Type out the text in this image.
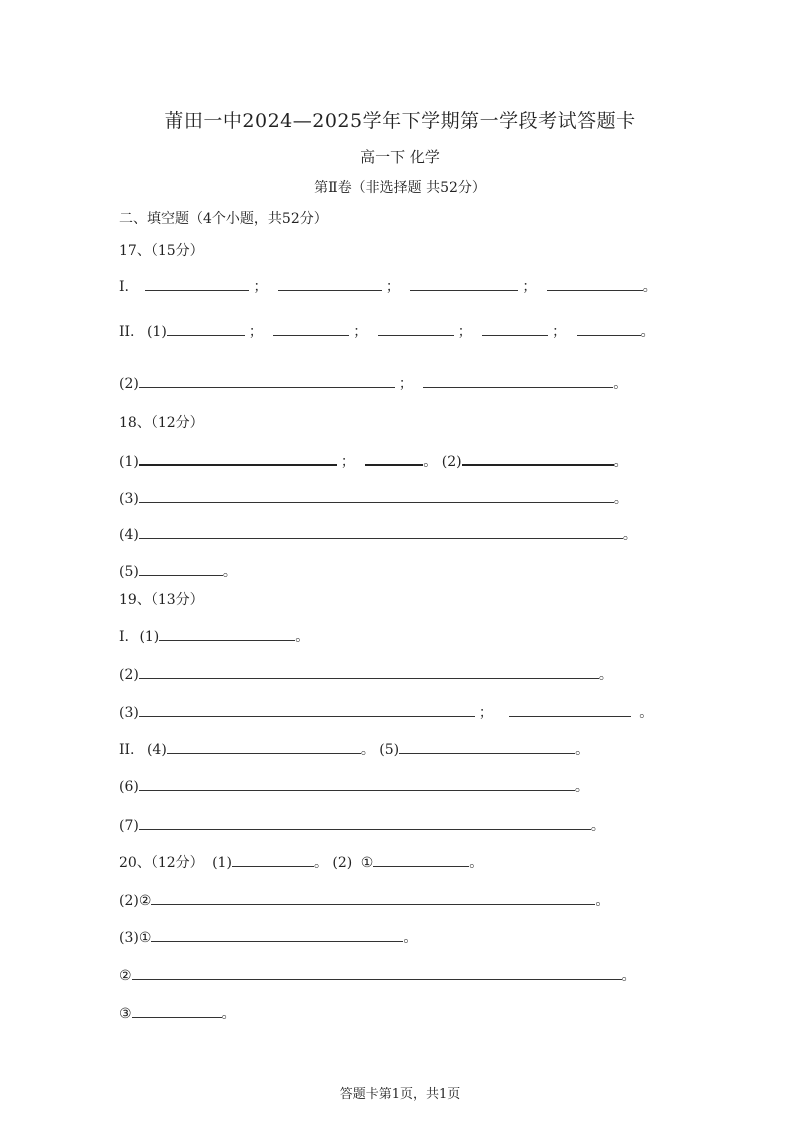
莆田一中2024—2025学年下学期第一学段考试答题卡
高一下 化学
第Ⅱ卷（非选择题 共52分）
二、填空题（4个小题，共52分）
17、（15分）
I.	；	；	；	。
II. (1)	；	；	；	；	。
(2)	；	。
18、（12分）
(1)	；	。 (2)	。
(3)	。
(4)	。
(5)	。
19、（13分）
I. (1)	。
(2)	。
(3)	；	。
II. (4)	。 (5)	。
(6)	。
(7)	。
20、（12分） (1)	。 (2) ①	。
(2)②	。
(3)①	。
②	。
③	。
答题卡第1页，共1页
